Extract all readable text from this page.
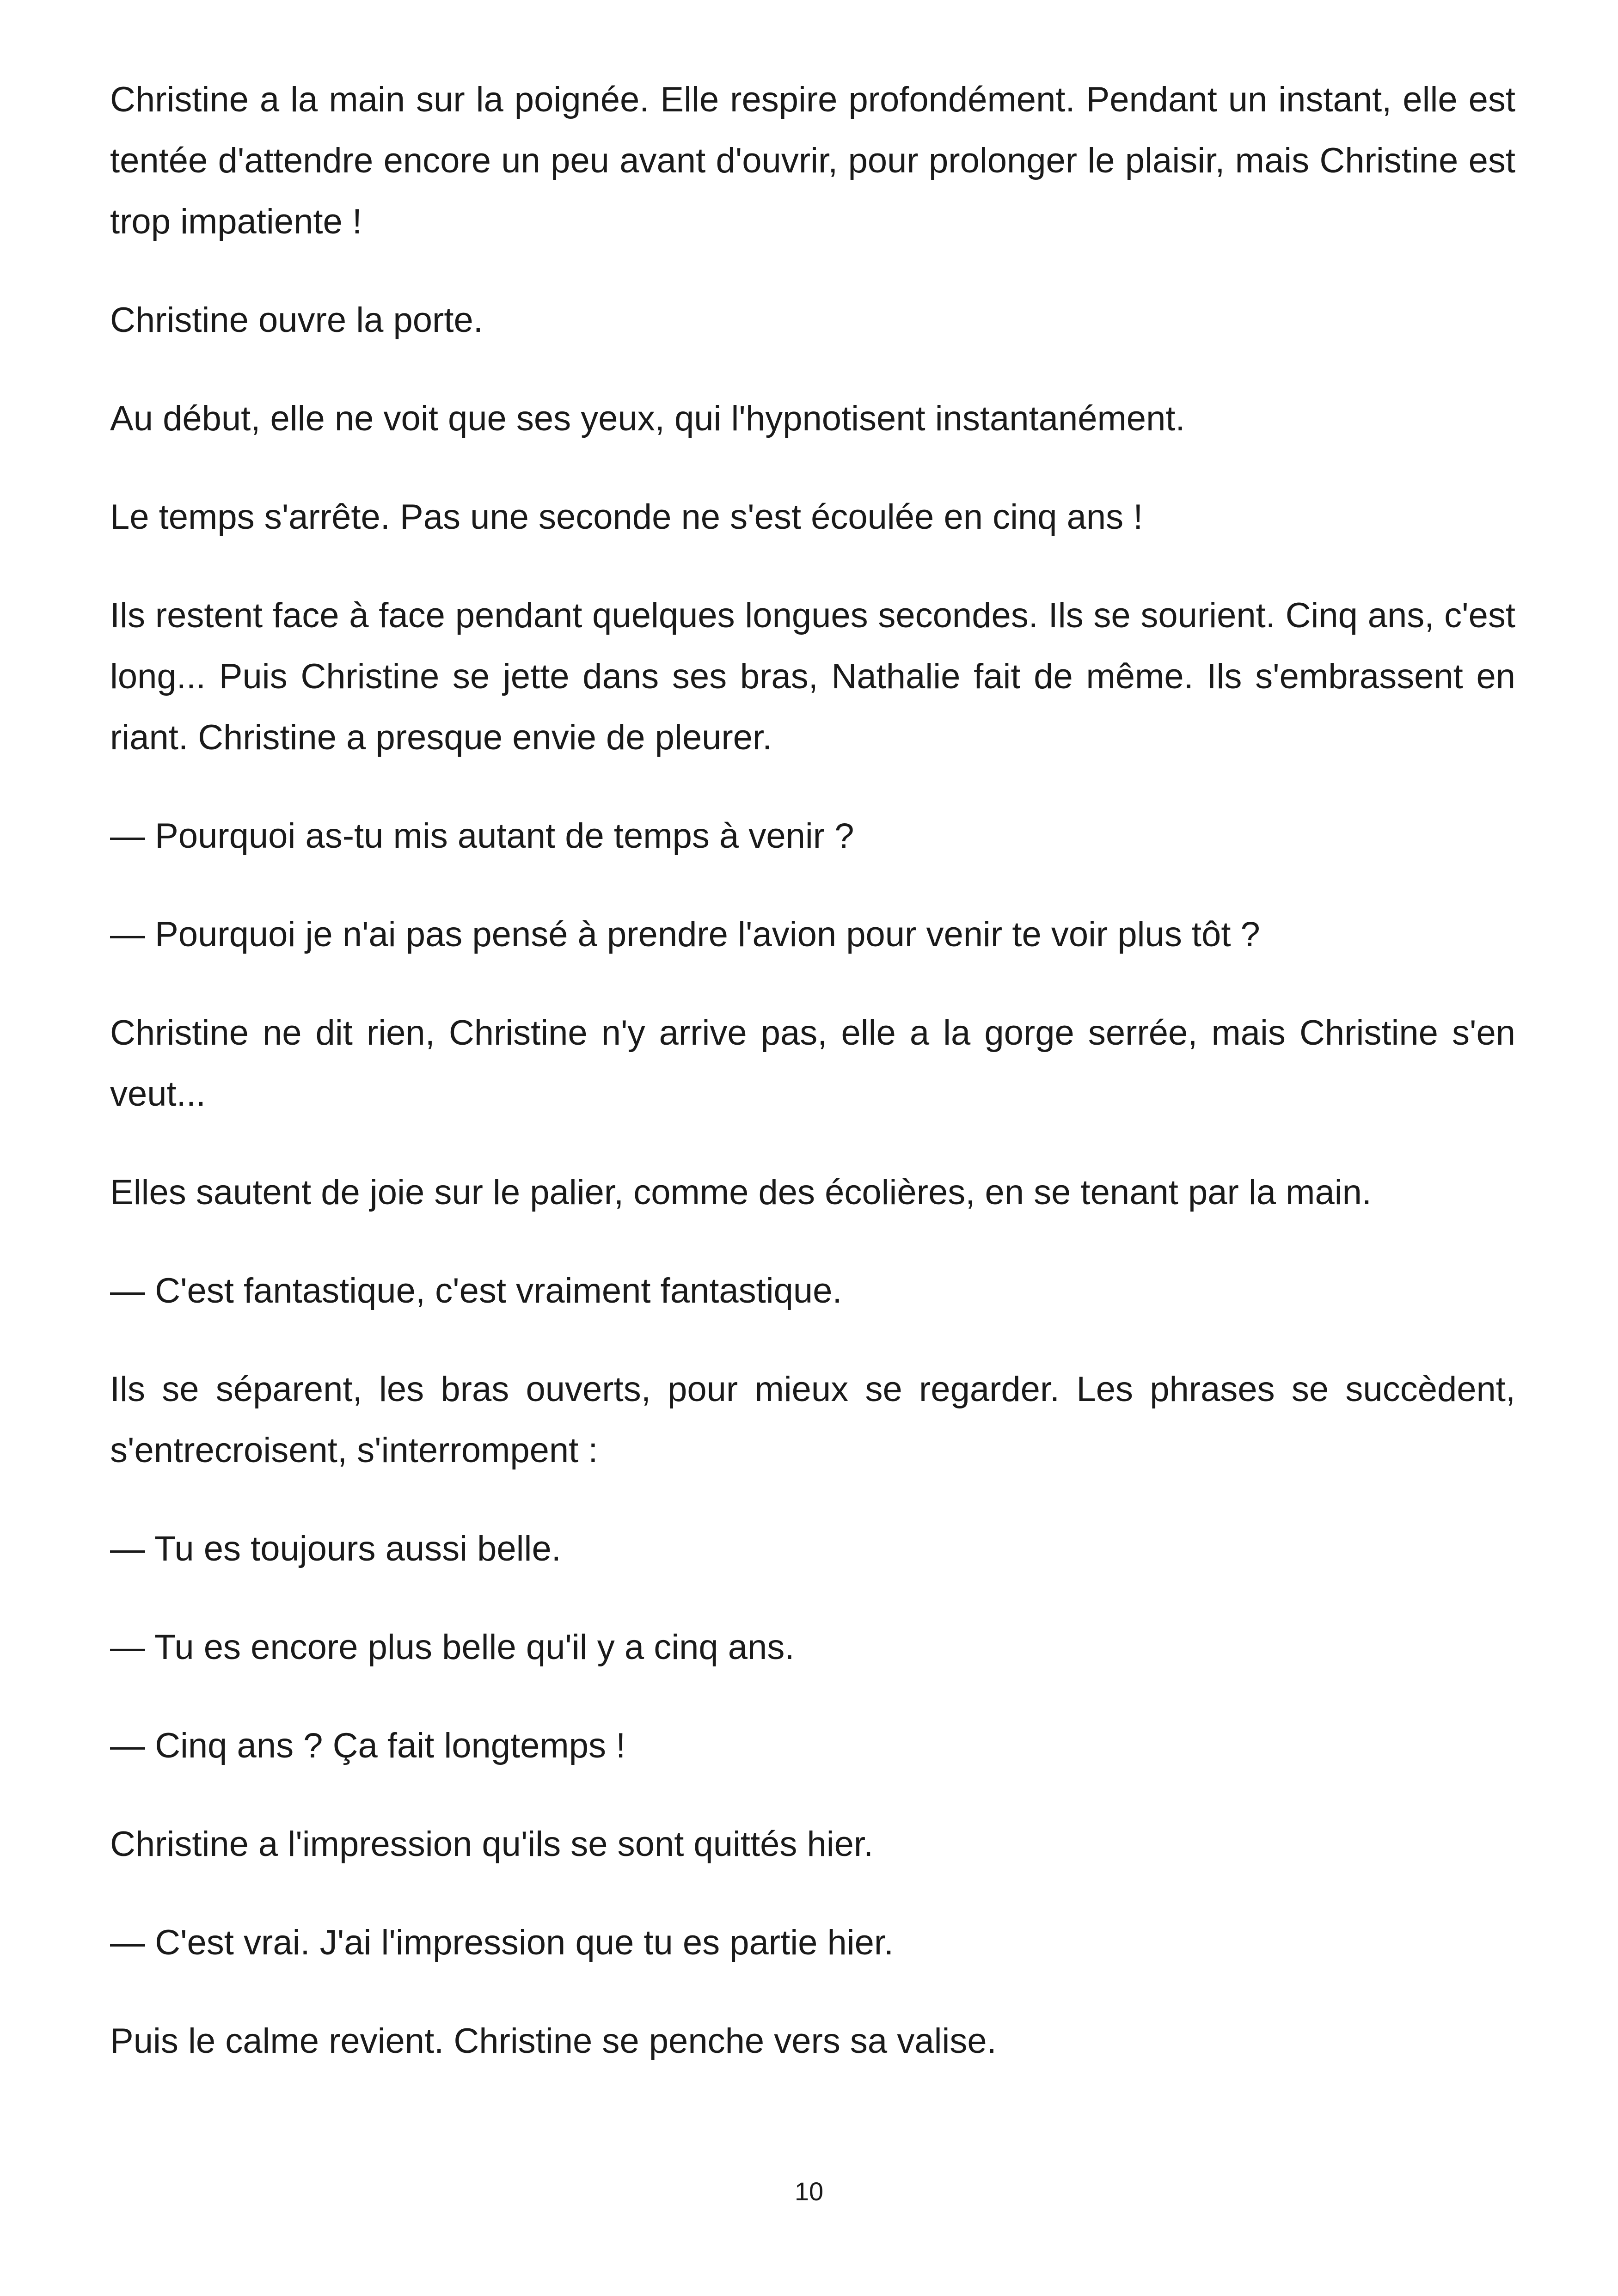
Christine a la main sur la poignée. Elle respire profondément. Pendant un instant, elle est tentée d'attendre encore un peu avant d'ouvrir, pour prolonger le plaisir, mais Christine est trop impatiente !

Christine ouvre la porte.

Au début, elle ne voit que ses yeux, qui l'hypnotisent instantanément.

Le temps s'arrête. Pas une seconde ne s'est écoulée en cinq ans !

Ils restent face à face pendant quelques longues secondes. Ils se sourient. Cinq ans, c'est long... Puis Christine se jette dans ses bras, Nathalie fait de même. Ils s'embrassent en riant. Christine a presque envie de pleurer.

— Pourquoi as-tu mis autant de temps à venir ?

— Pourquoi je n'ai pas pensé à prendre l'avion pour venir te voir plus tôt ?

Christine ne dit rien, Christine n'y arrive pas, elle a la gorge serrée, mais Christine s'en veut...

Elles sautent de joie sur le palier, comme des écolières, en se tenant par la main.

— C'est fantastique, c'est vraiment fantastique.

Ils se séparent, les bras ouverts, pour mieux se regarder. Les phrases se succèdent, s'entrecroisent, s'interrompent :

— Tu es toujours aussi belle.

— Tu es encore plus belle qu'il y a cinq ans.

— Cinq ans ? Ça fait longtemps !

Christine a l'impression qu'ils se sont quittés hier.

— C'est vrai. J'ai l'impression que tu es partie hier.

Puis le calme revient. Christine se penche vers sa valise.

10
